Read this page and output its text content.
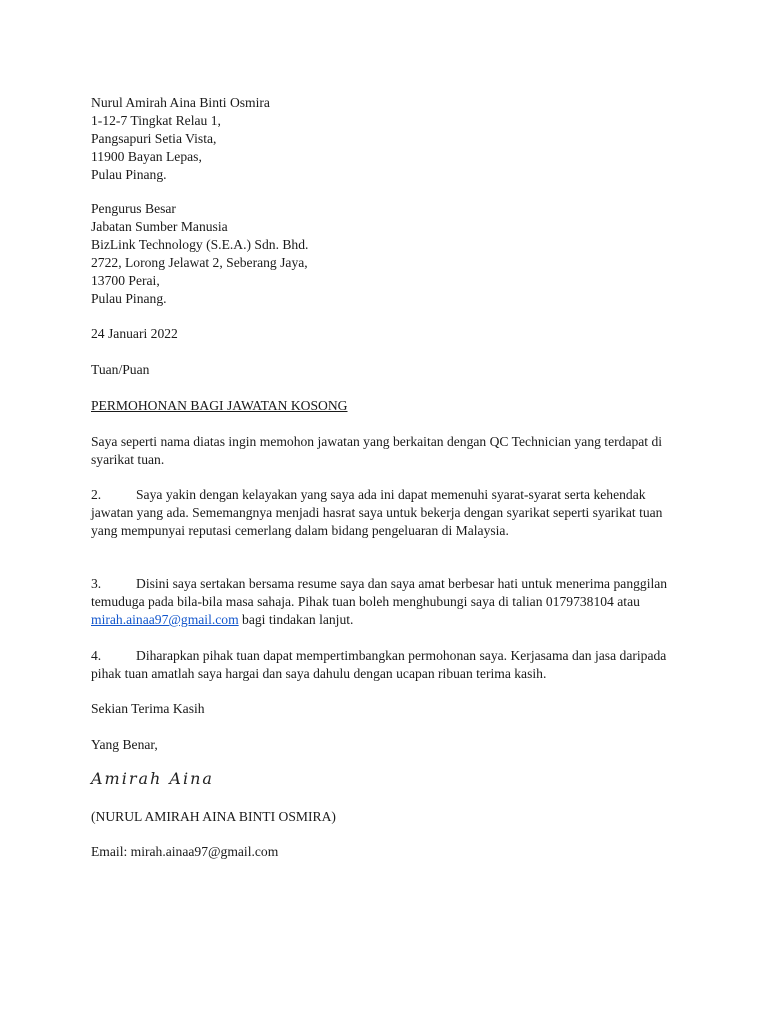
Nurul Amirah Aina Binti Osmira
1-12-7 Tingkat Relau 1,
Pangsapuri Setia Vista,
11900 Bayan Lepas,
Pulau Pinang.
Pengurus Besar
Jabatan Sumber Manusia
BizLink Technology (S.E.A.) Sdn. Bhd.
2722, Lorong Jelawat 2, Seberang Jaya,
13700 Perai,
Pulau Pinang.
24 Januari 2022
Tuan/Puan
PERMOHONAN BAGI JAWATAN KOSONG
Saya seperti nama diatas ingin memohon jawatan yang berkaitan dengan QC Technician yang terdapat di syarikat tuan.
2.	Saya yakin dengan kelayakan yang saya ada ini dapat memenuhi syarat-syarat serta kehendak jawatan yang ada. Sememangnya menjadi hasrat saya untuk bekerja dengan syarikat seperti syarikat tuan yang mempunyai reputasi cemerlang dalam bidang pengeluaran di Malaysia.
3.	Disini saya sertakan bersama resume saya dan saya amat berbesar hati untuk menerima panggilan temuduga pada bila-bila masa sahaja. Pihak tuan boleh menghubungi saya di talian 0179738104 atau mirah.ainaa97@gmail.com bagi tindakan lanjut.
4.	Diharapkan pihak tuan dapat mempertimbangkan permohonan saya. Kerjasama dan jasa daripada pihak tuan amatlah saya hargai dan saya dahulu dengan ucapan ribuan terima kasih.
Sekian Terima Kasih
Yang Benar,
Amirah Aina
(NURUL AMIRAH AINA BINTI OSMIRA)
Email: mirah.ainaa97@gmail.com
